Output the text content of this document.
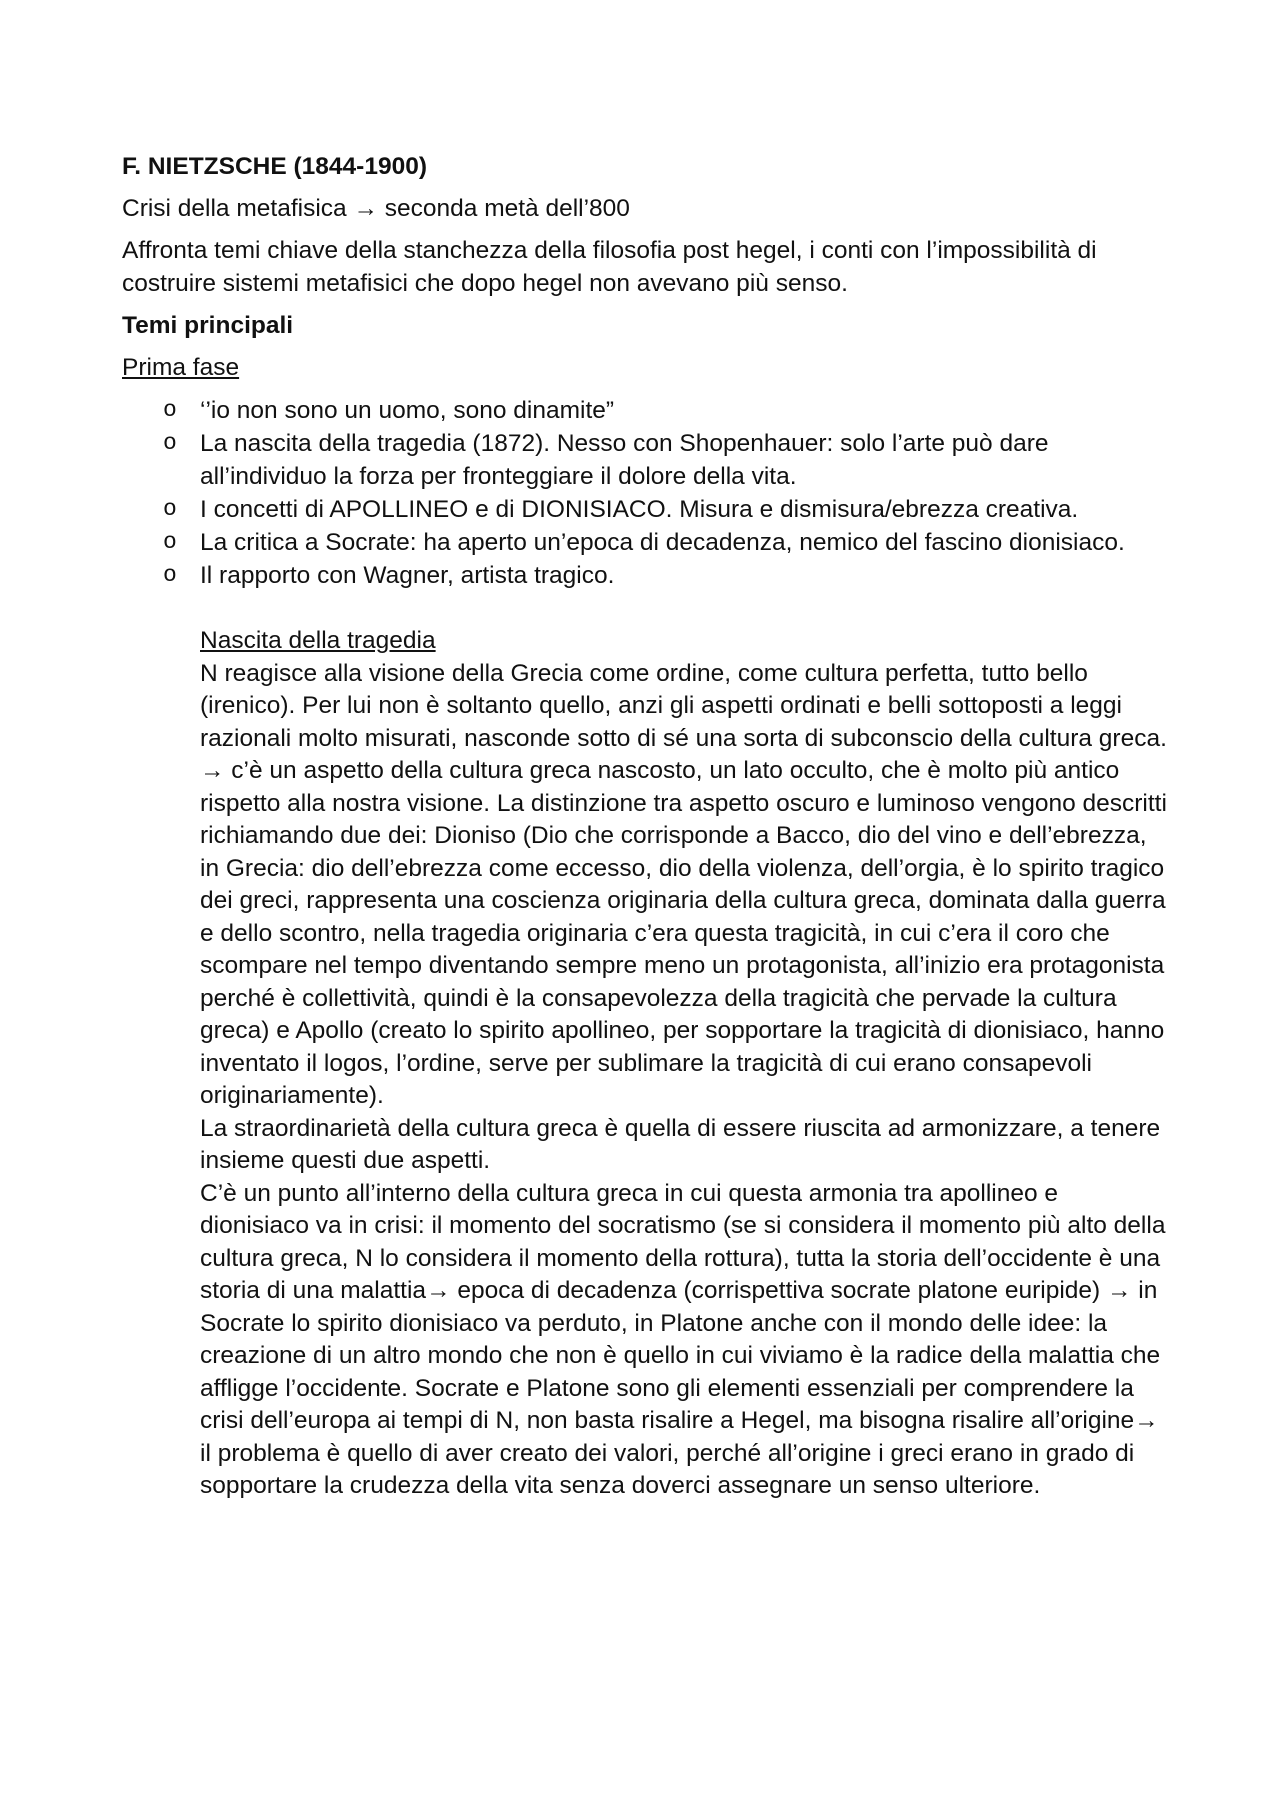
F. NIETZSCHE (1844-1900)
Crisi della metafisica → seconda metà dell’800
Affronta temi chiave della stanchezza della filosofia post hegel, i conti con l’impossibilità di costruire sistemi metafisici che dopo hegel non avevano più senso.
Temi principali
Prima fase
o ‘’io non sono un uomo, sono dinamite”
o La nascita della tragedia (1872). Nesso con Shopenhauer: solo l’arte può dare all’individuo la forza per fronteggiare il dolore della vita.
o I concetti di APOLLINEO e di DIONISIACO. Misura e dismisura/ebrezza creativa.
o La critica a Socrate: ha aperto un’epoca di decadenza, nemico del fascino dionisiaco.
o Il rapporto con Wagner, artista tragico.
Nascita della tragedia

N reagisce alla visione della Grecia come ordine, come cultura perfetta, tutto bello (irenico). Per lui non è soltanto quello, anzi gli aspetti ordinati e belli sottoposti a leggi razionali molto misurati, nasconde sotto di sé una sorta di subconscio della cultura greca. → c’è un aspetto della cultura greca nascosto, un lato occulto, che è molto più antico rispetto alla nostra visione. La distinzione tra aspetto oscuro e luminoso vengono descritti richiamando due dei: Dioniso (Dio che corrisponde a Bacco, dio del vino e dell’ebrezza, in Grecia: dio dell’ebrezza come eccesso, dio della violenza, dell’orgia, è lo spirito tragico dei greci, rappresenta una coscienza originaria della cultura greca, dominata dalla guerra e dello scontro, nella tragedia originaria c’era questa tragicità, in cui c’era il coro che scompare nel tempo diventando sempre meno un protagonista, all’inizio era protagonista perché è collettività, quindi è la consapevolezza della tragicità che pervade la cultura greca) e Apollo (creato lo spirito apollineo, per sopportare la tragicità di dionisiaco, hanno inventato il logos, l’ordine, serve per sublimare la tragicità di cui erano consapevoli originariamente).

La straordinarietà della cultura greca è quella di essere riuscita ad armonizzare, a tenere insieme questi due aspetti.

C’è un punto all’interno della cultura greca in cui questa armonia tra apollineo e dionisiaco va in crisi: il momento del socratismo (se si considera il momento più alto della cultura greca, N lo considera il momento della rottura), tutta la storia dell’occidente è una storia di una malattia→ epoca di decadenza (corrispettiva socrate platone euripide) → in Socrate lo spirito dionisiaco va perduto, in Platone anche con il mondo delle idee: la creazione di un altro mondo che non è quello in cui viviamo è la radice della malattia che affligge l’occidente. Socrate e Platone sono gli elementi essenziali per comprendere la crisi dell’europa ai tempi di N, non basta risalire a Hegel, ma bisogna risalire all’origine→ il problema è quello di aver creato dei valori, perché all’origine i greci erano in grado di sopportare la crudezza della vita senza doverci assegnare un senso ulteriore.
